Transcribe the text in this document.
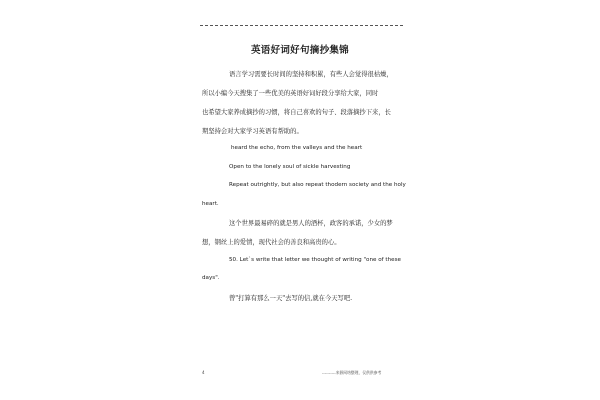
英语好词好句摘抄集锦
语言学习需要长时间的坚持和积累，有些人会觉得很枯燥，
所以小编今天搜集了一些优美的英语好词好段分享给大家，同时
也希望大家养成摘抄的习惯，将自己喜欢的句子、段落摘抄下来，长
期坚持会对大家学习英语有帮助的。
heard the echo, from the valleys and the heart
Open to the lonely soul of sickle harvesting
Repeat outrightly, but also repeat thodern society and the holy
heart.
这个世界最易碎的就是男人的酒杯，政客的承诺，少女的梦
想，钢丝上的爱情，现代社会的善良和高贵的心。
50. Let`s write that letter we thought of writing "one of these
days".
曾"打算有那么一天"去写的信,就在今天写吧.
4	----------来源网络整理，仅供供参考
